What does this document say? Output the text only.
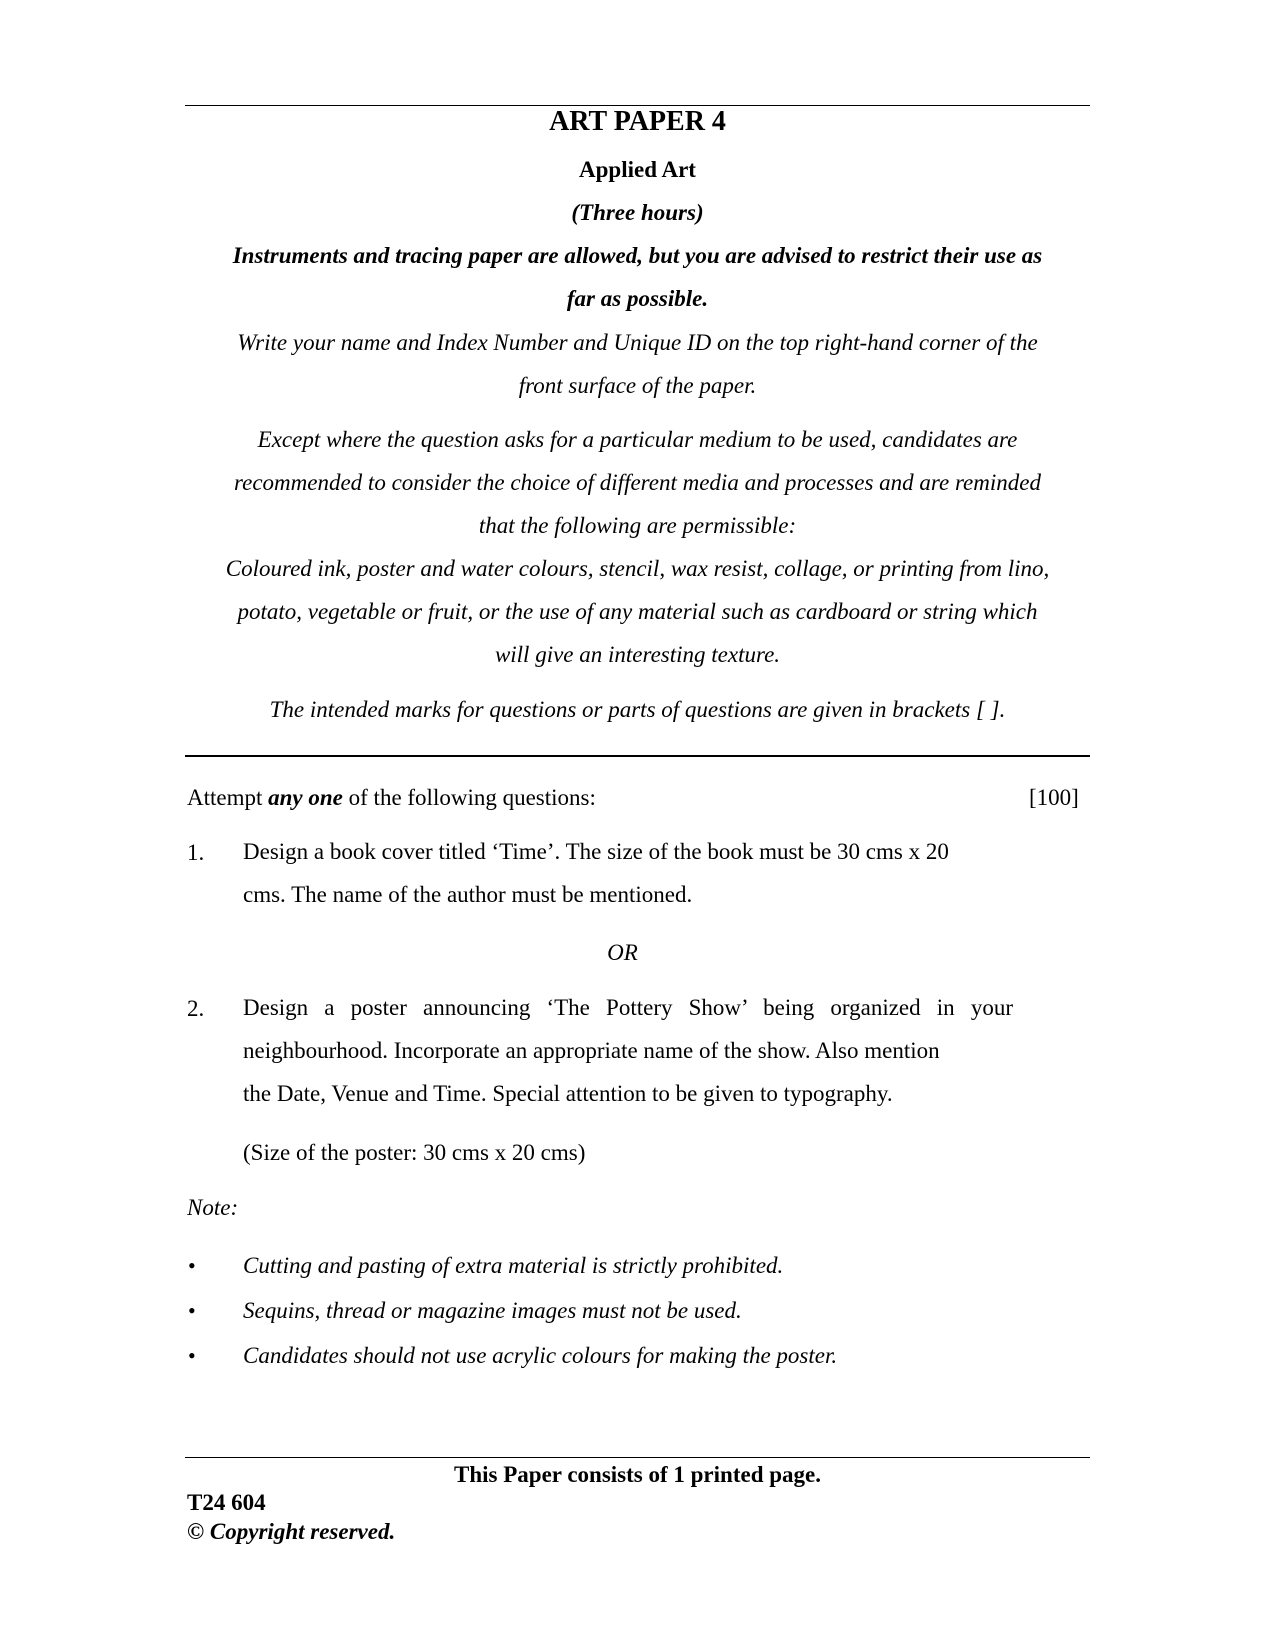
ART PAPER 4
Applied Art
(Three hours)
Instruments and tracing paper are allowed, but you are advised to restrict their use as
far as possible.
Write your name and Index Number and Unique ID on the top right-hand corner of the
front surface of the paper.
Except where the question asks for a particular medium to be used, candidates are
recommended to consider the choice of different media and processes and are reminded
that the following are permissible:
Coloured ink, poster and water colours, stencil, wax resist, collage, or printing from lino,
potato, vegetable or fruit, or the use of any material such as cardboard or string which
will give an interesting texture.
The intended marks for questions or parts of questions are given in brackets [ ].
Attempt any one of the following questions:	[100]
1. Design a book cover titled ‘Time’. The size of the book must be 30 cms x 20
cms. The name of the author must be mentioned.
OR
2. Design a poster announcing ‘The Pottery Show’ being organized in your
neighbourhood. Incorporate an appropriate name of the show. Also mention
the Date, Venue and Time. Special attention to be given to typography.
(Size of the poster: 30 cms x 20 cms)
Note:
• Cutting and pasting of extra material is strictly prohibited.
• Sequins, thread or magazine images must not be used.
• Candidates should not use acrylic colours for making the poster.
This Paper consists of 1 printed page.
T24 604
© Copyright reserved.
